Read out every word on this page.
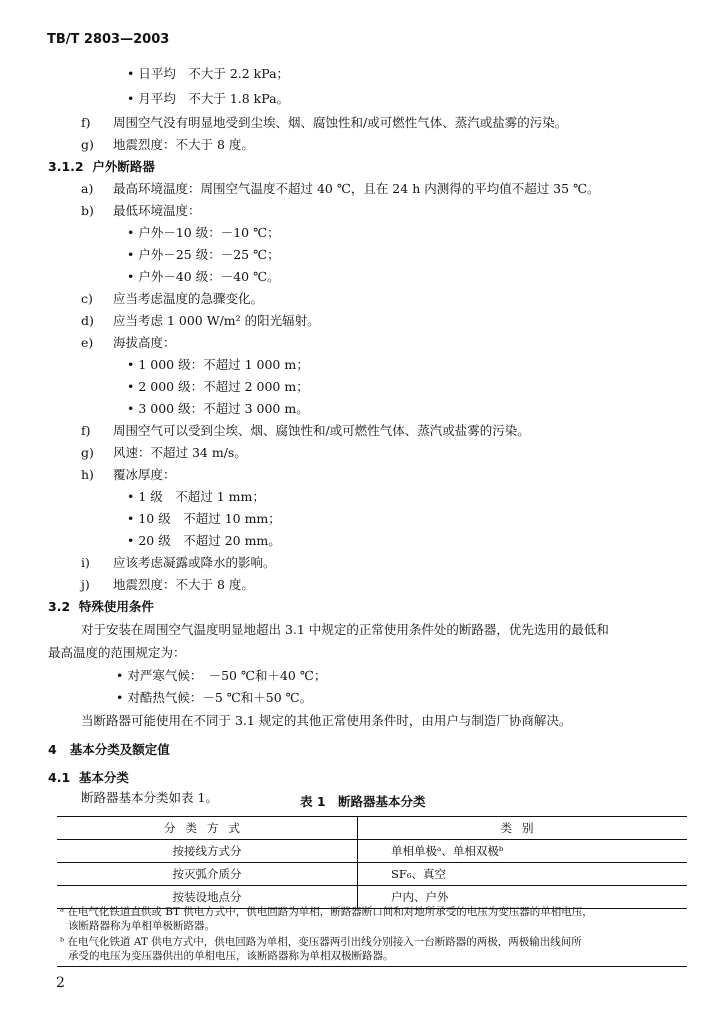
TB/T 2803—2003
• 日平均　不大于 2.2 kPa；
• 月平均　不大于 1.8 kPa。
f) 周围空气没有明显地受到尘埃、烟、腐蚀性和/或可燃性气体、蒸汽或盐雾的污染。
g) 地震烈度：不大于 8 度。
3.1.2 户外断路器
a) 最高环境温度：周围空气温度不超过 40 ℃，且在 24 h 内测得的平均值不超过 35 ℃。
b) 最低环境温度：
• 户外－10 级：－10 ℃；
• 户外－25 级：－25 ℃；
• 户外－40 级：－40 ℃。
c) 应当考虑温度的急骤变化。
d) 应当考虑 1 000 W/m² 的阳光辐射。
e) 海拔高度：
• 1 000 级：不超过 1 000 m；
• 2 000 级：不超过 2 000 m；
• 3 000 级：不超过 3 000 m。
f) 周围空气可以受到尘埃、烟、腐蚀性和/或可燃性气体、蒸汽或盐雾的污染。
g) 风速：不超过 34 m/s。
h) 覆冰厚度：
• 1 级　不超过 1 mm；
• 10 级　不超过 10 mm；
• 20 级　不超过 20 mm。
i) 应该考虑凝露或降水的影响。
j) 地震烈度：不大于 8 度。
3.2 特殊使用条件
对于安装在周围空气温度明显地超出 3.1 中规定的正常使用条件处的断路器，优先选用的最低和
最高温度的范围规定为：
• 对严寒气候：　－50 ℃和＋40 ℃；
• 对酷热气候：－5 ℃和＋50 ℃。
当断路器可能使用在不同于 3.1 规定的其他正常使用条件时，由用户与制造厂协商解决。
4 基本分类及额定值
4.1 基本分类
断路器基本分类如表 1。	表 1　断路器基本分类
分类方式	类别
按接线方式分	单相单极ᵃ、单相双极ᵇ
按灭弧介质分	SF₆、真空
按装设地点分	户内、户外
ᵃ 在电气化铁道直供或 BT 供电方式中，供电回路为单相，断路器断口间和对地所承受的电压为变压器的单相电压，
该断路器称为单相单极断路器。
ᵇ 在电气化铁道 AT 供电方式中，供电回路为单相，变压器两引出线分别接入一台断路器的两极，两极输出线间所
承受的电压为变压器供出的单相电压，该断路器称为单相双极断路器。
2
